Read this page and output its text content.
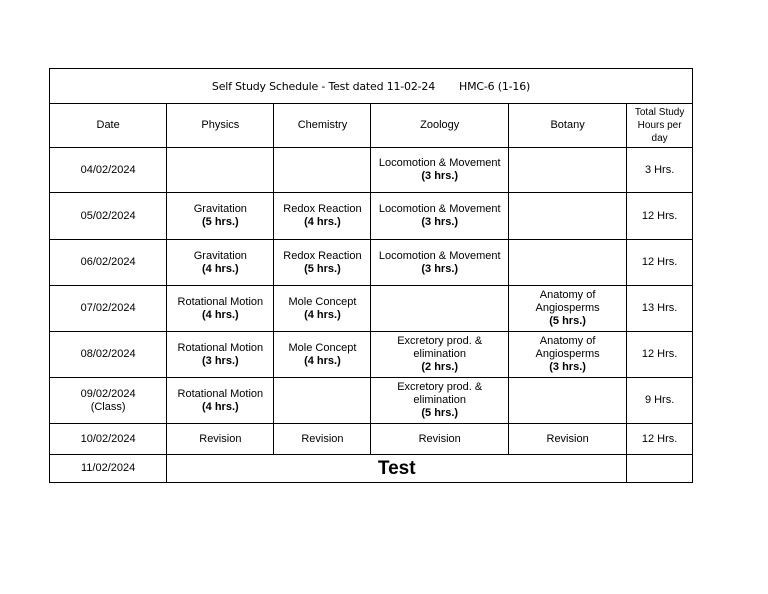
Self Study Schedule - Test dated 11-02-24 HMC-6 (1-16)					
Date	Physics	Chemistry	Zoology	Botany	Total Study Hours per day

04/02/2024			Locomotion & Movement
(3 hrs.)		3 Hrs.

05/02/2024	Gravitation
(5 hrs.)	Redox Reaction
(4 hrs.)	Locomotion & Movement
(3 hrs.)		12 Hrs.

06/02/2024	Gravitation
(4 hrs.)	Redox Reaction
(5 hrs.)	Locomotion & Movement
(3 hrs.)		12 Hrs.

07/02/2024	Rotational Motion
(4 hrs.)	Mole Concept
(4 hrs.)		Anatomy of Angiosperms
(5 hrs.)	13 Hrs.

08/02/2024	Rotational Motion
(3 hrs.)	Mole Concept
(4 hrs.)	Excretory prod. & elimination
(2 hrs.)	Anatomy of Angiosperms
(3 hrs.)	12 Hrs.

09/02/2024
(Class)	Rotational Motion
(4 hrs.)		Excretory prod. & elimination
(5 hrs.)		9 Hrs.
10/02/2024	Revision	Revision	Revision	Revision	12 Hrs.
11/02/2024	Test				
